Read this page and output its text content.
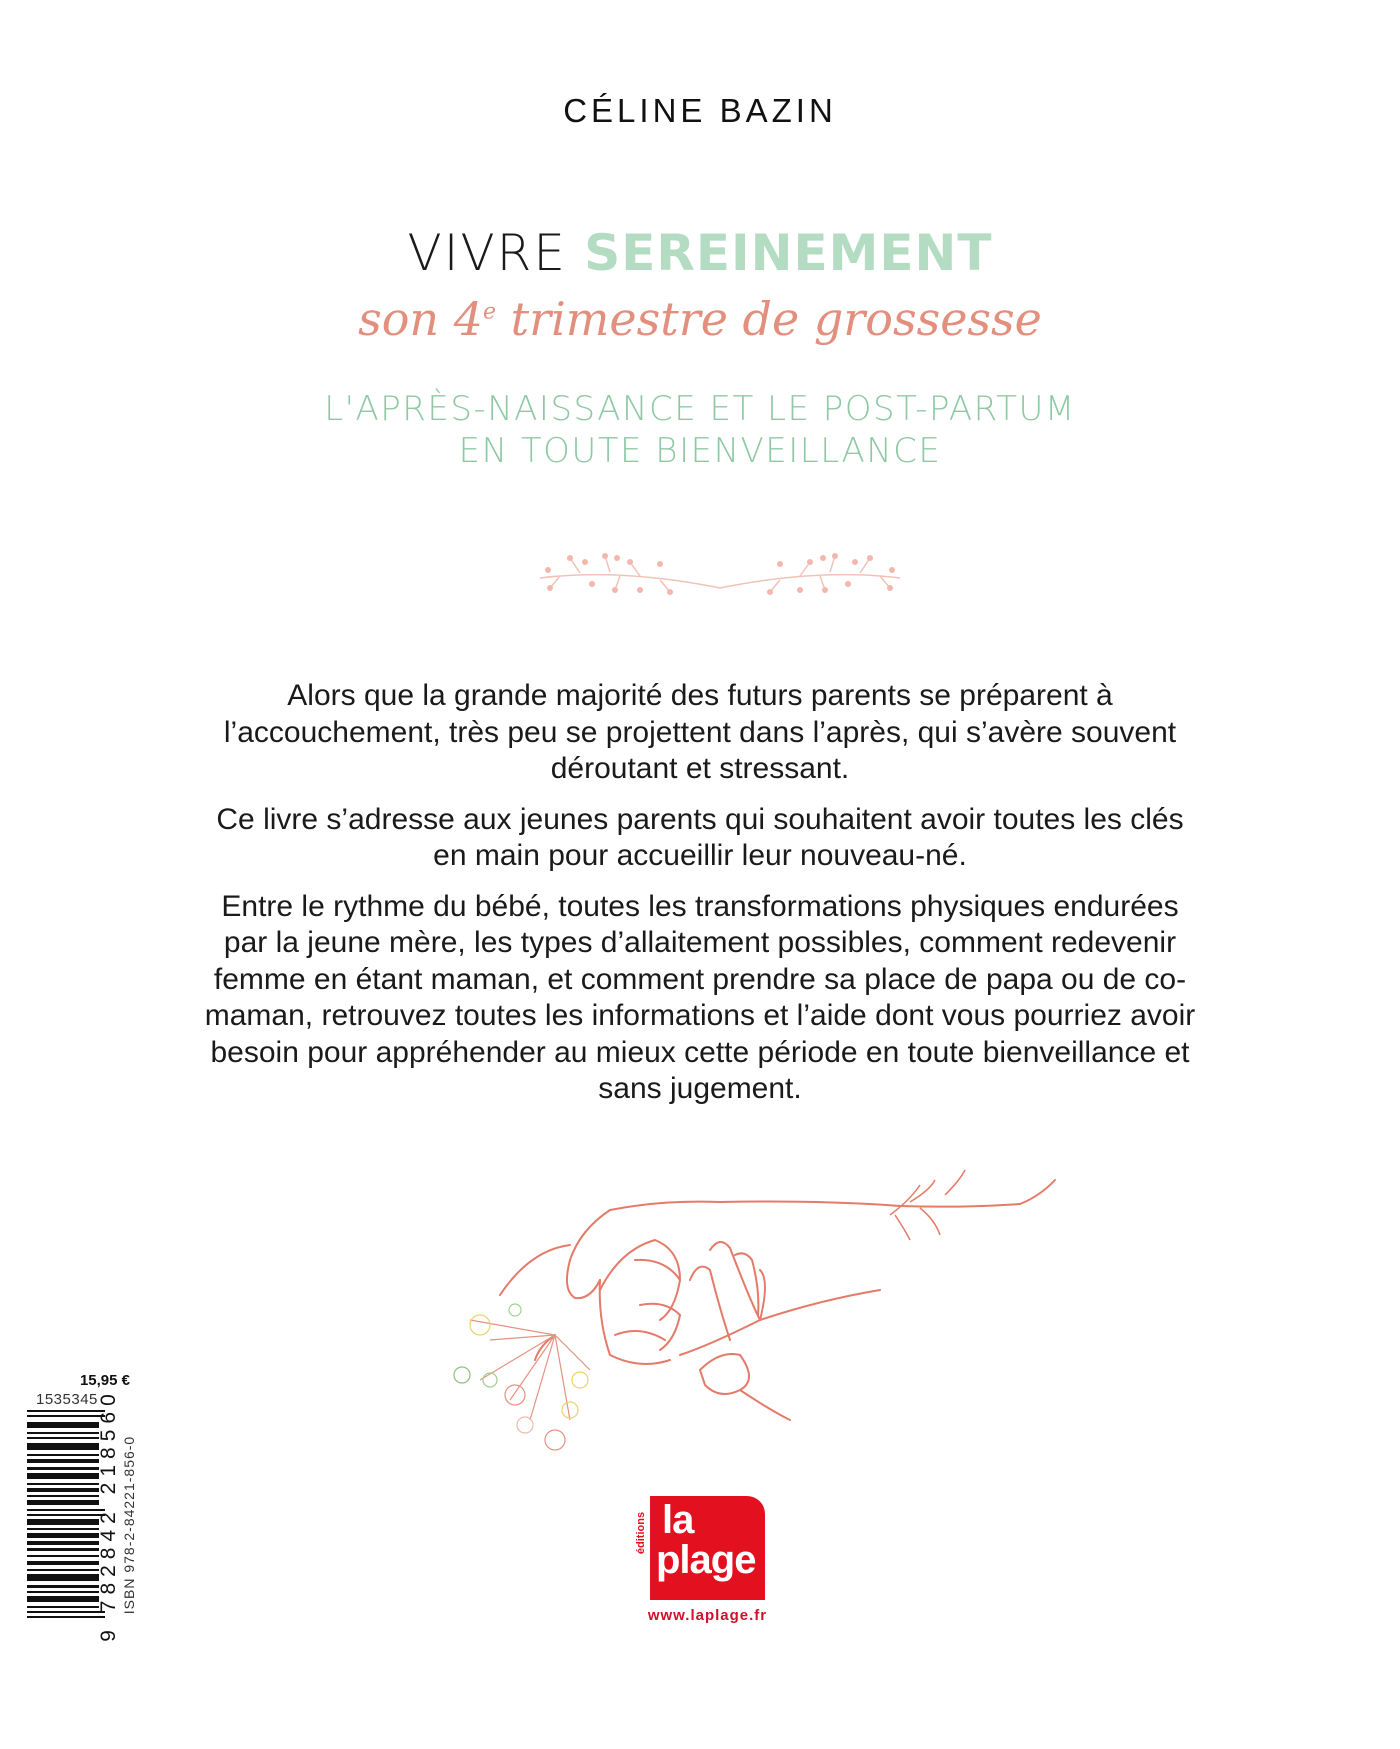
CÉLINE BAZIN
VIVRE SEREINEMENT
son 4e trimestre de grossesse
L'APRÈS-NAISSANCE ET LE POST-PARTUM
EN TOUTE BIENVEILLANCE

Alors que la grande majorité des futurs parents se préparent à l’accouchement, très peu se projettent dans l’après, qui s’avère souvent déroutant et stressant.

Ce livre s’adresse aux jeunes parents qui souhaitent avoir toutes les clés en main pour accueillir leur nouveau-né.

Entre le rythme du bébé, toutes les transformations physiques endurées par la jeune mère, les types d’allaitement possibles, comment redevenir femme en étant maman, et comment prendre sa place de papa ou de co-maman, retrouvez toutes les informations et l’aide dont vous pourriez avoir besoin pour appréhender au mieux cette période en toute bienveillance et sans jugement.

15,95 €
1535345 9 782842 218560 ISBN 978-2-84221-856-0	éditions la
plage
www.laplage.fr
